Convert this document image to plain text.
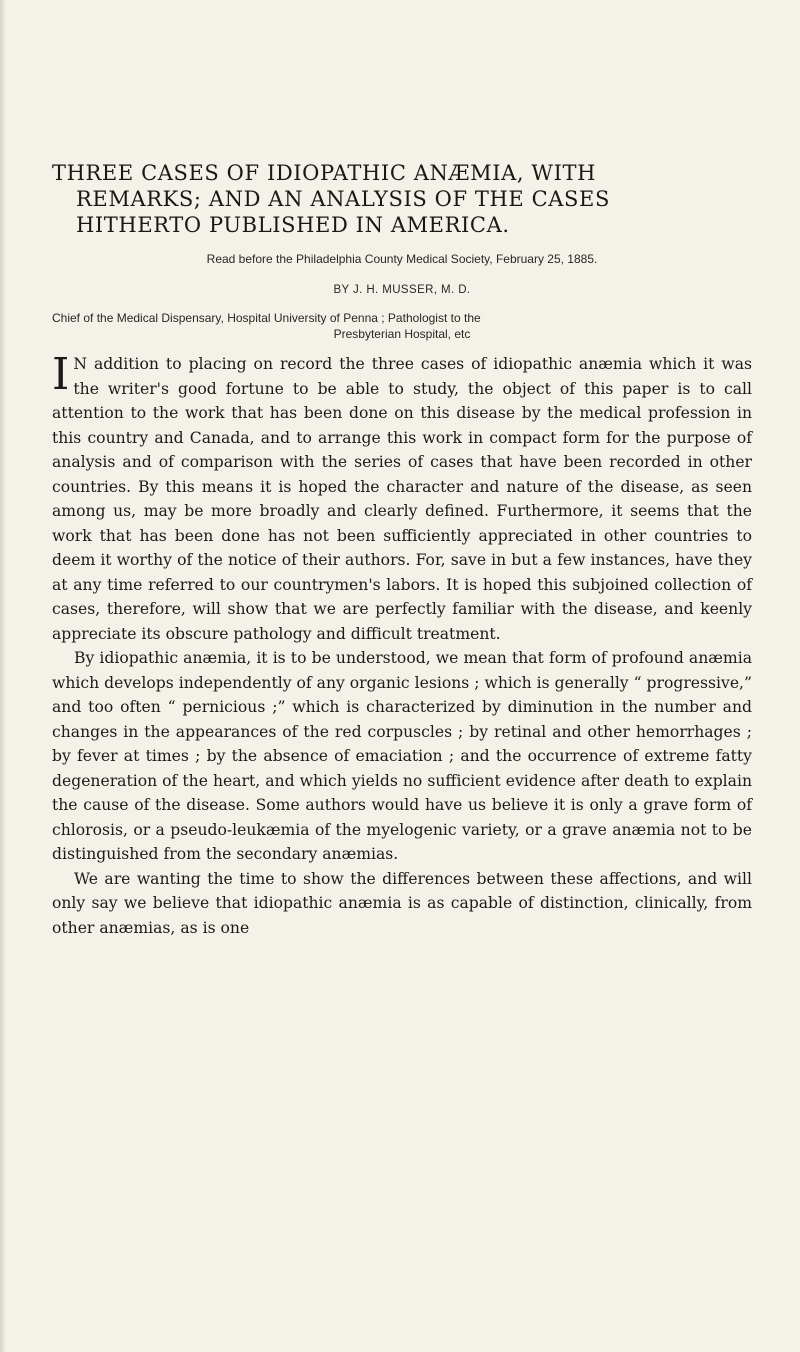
THREE CASES OF IDIOPATHIC ANÆMIA, WITH
REMARKS; AND AN ANALYSIS OF THE CASES
HITHERTO PUBLISHED IN AMERICA.

Read before the Philadelphia County Medical Society, February 25, 1885.

BY J. H. MUSSER, M. D.

Chief of the Medical Dispensary, Hospital University of Penna ; Pathologist to the
Presbyterian Hospital, etc

I N addition to placing on record the three cases of idiopathic anæmia which it was the writer's good fortune to be able to study, the object of this paper is to call attention to the work that has been done on this disease by the medical profession in this country and Canada, and to arrange this work in compact form for the purpose of analysis and of comparison with the series of cases that have been recorded in other countries. By this means it is hoped the character and nature of the disease, as seen among us, may be more broadly and clearly defined. Furthermore, it seems that the work that has been done has not been sufficiently appreciated in other countries to deem it worthy of the notice of their authors. For, save in but a few instances, have they at any time referred to our countrymen's labors. It is hoped this subjoined collection of cases, therefore, will show that we are perfectly familiar with the disease, and keenly appreciate its obscure pathology and difficult treatment.

By idiopathic anæmia, it is to be understood, we mean that form of profound anæmia which develops independently of any organic lesions ; which is generally “ progressive,” and too often “ pernicious ;” which is characterized by diminution in the number and changes in the appearances of the red corpuscles ; by retinal and other hemorrhages ; by fever at times ; by the absence of emaciation ; and the occurrence of extreme fatty degeneration of the heart, and which yields no sufficient evidence after death to explain the cause of the disease. Some authors would have us believe it is only a grave form of chlorosis, or a pseudo-leukæmia of the myelogenic variety, or a grave anæmia not to be distinguished from the secondary anæmias.

We are wanting the time to show the differences between these affections, and will only say we believe that idiopathic anæmia is as capable of distinction, clinically, from other anæmias, as is one
